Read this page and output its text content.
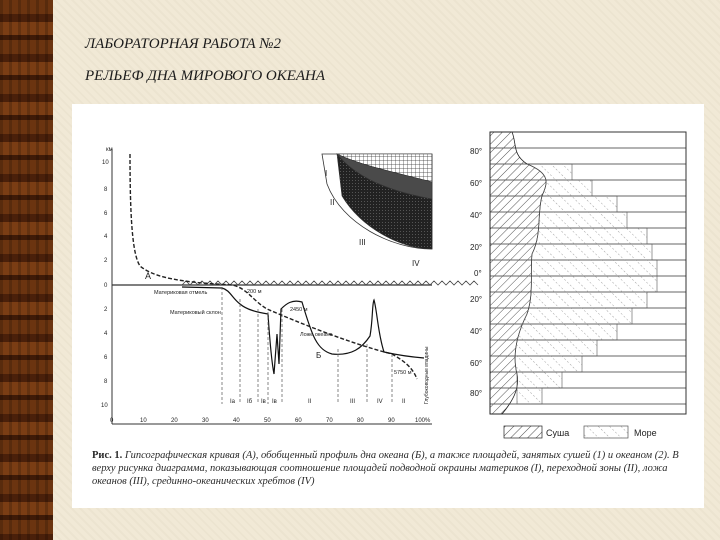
ЛАБОРАТОРНАЯ РАБОТА №2
РЕЛЬЕФ ДНА МИРОВОГО ОКЕАНА
км
10
8
6
4
2
0
2
4
6
8
10
0	10	20	30	40	50	60	70	80	90	100%
А
Б
Материковая отмель
Материковый склон
200 м
2450 м
Ложе океана
5750 м Глубоководные впадины
Ia Iб Iв Iв	II	III	IV	II
I
II
III
IV
80°
60°
40°
20°
0°
20°
40°
60°
80°
Суша	Море
Рис. 1. Гипсографическая кривая (А), обобщенный профиль дна океана (Б), а также площадей, занятых сушей (1) и океаном (2). В верху рисунка диаграмма, показывающая соотношение площадей подводной окраины материков (I), переходной зоны (II), ложа океанов (III), срединно-океанических хребтов (IV)
